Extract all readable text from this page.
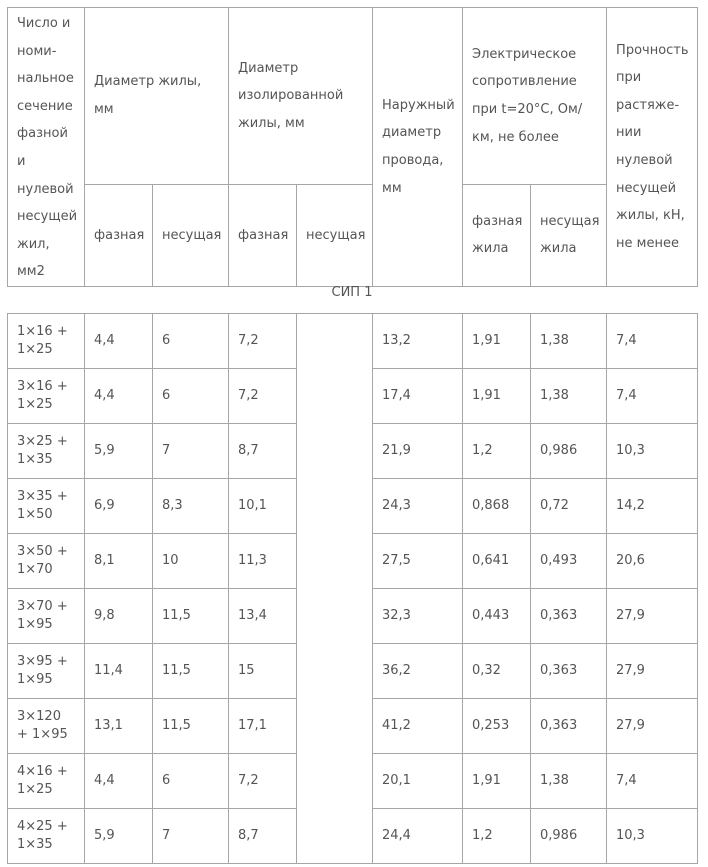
Число и номи-нальное сечение фазной и нулевой несущей жил, мм2	Диаметр жилы, мм		Диаметр изолированной жилы, мм		Наружный диаметр провода, мм	Электрическое сопротивление при t=20°С, Ом/км, не более		Прочность при растяже-нии нулевой несущей жилы, кН, не менее
	фазная	несущая	фазная	несущая		фазная жила	несущая жила	
СИП 1
1×16 + 1×25	4,4	6	7,2		13,2	1,91	1,38	7,4
3×16 + 1×25	4,4	6	7,2		17,4	1,91	1,38	7,4
3×25 + 1×35	5,9	7	8,7		21,9	1,2	0,986	10,3
3×35 + 1×50	6,9	8,3	10,1		24,3	0,868	0,72	14,2
3×50 + 1×70	8,1	10	11,3		27,5	0,641	0,493	20,6
3×70 + 1×95	9,8	11,5	13,4		32,3	0,443	0,363	27,9
3×95 + 1×95	11,4	11,5	15		36,2	0,32	0,363	27,9
3×120 + 1×95	13,1	11,5	17,1		41,2	0,253	0,363	27,9
4×16 + 1×25	4,4	6	7,2		20,1	1,91	1,38	7,4
4×25 + 1×35	5,9	7	8,7		24,4	1,2	0,986	10,3
